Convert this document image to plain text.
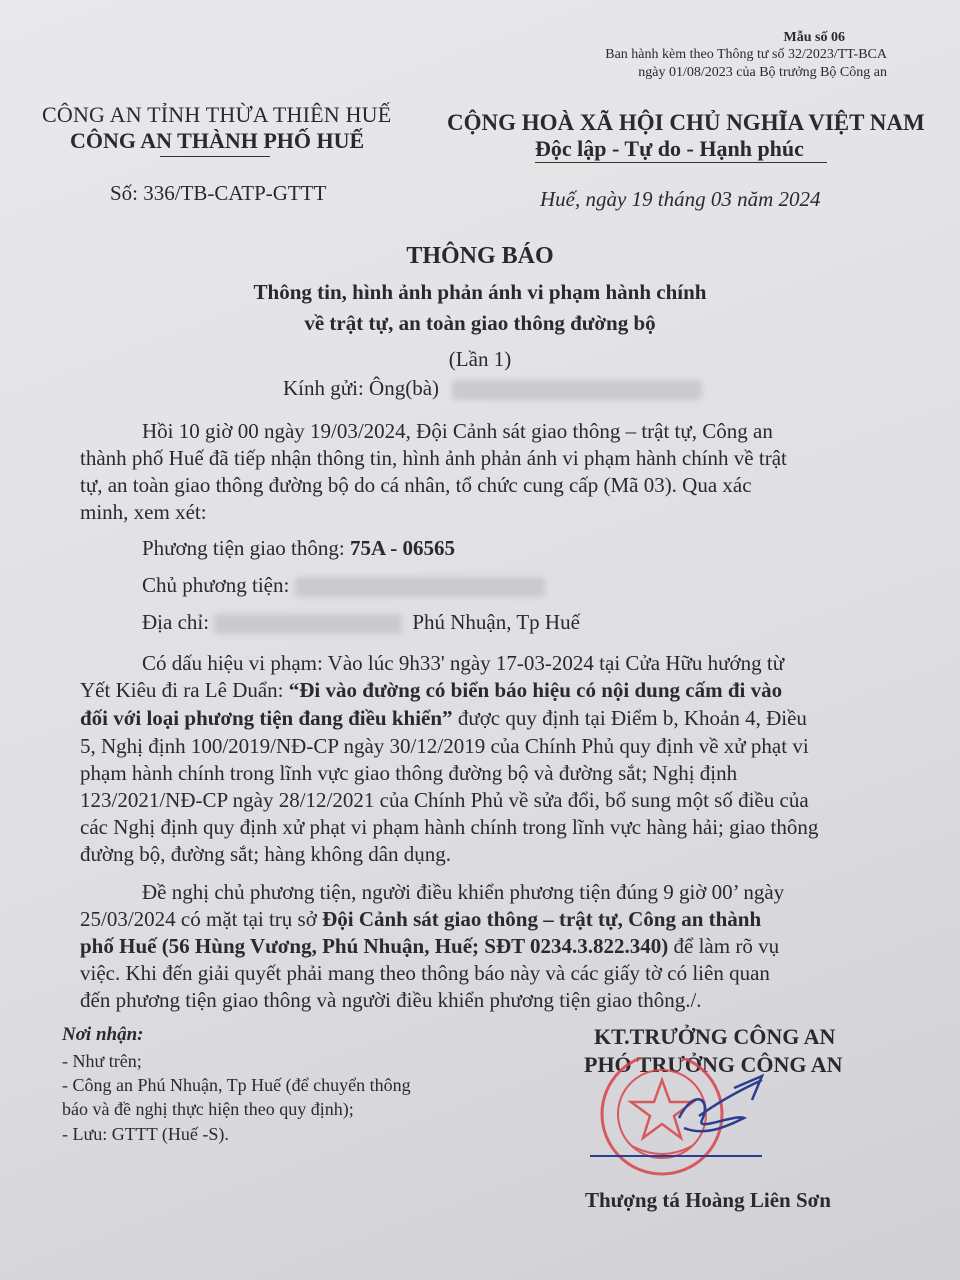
Mẫu số 06
Ban hành kèm theo Thông tư số 32/2023/TT-BCA
ngày 01/08/2023 của Bộ trưởng Bộ Công an
CÔNG AN TỈNH THỪA THIÊN HUẾ
CÔNG AN THÀNH PHỐ HUẾ
CỘNG HOÀ XÃ HỘI CHỦ NGHĨA VIỆT NAM
Độc lập - Tự do - Hạnh phúc
Số: 336/TB-CATP-GTTT	Huế, ngày 19 tháng 03 năm 2024
THÔNG BÁO
Thông tin, hình ảnh phản ánh vi phạm hành chính
về trật tự, an toàn giao thông đường bộ
(Lần 1)
Kính gửi: Ông(bà)
Hồi 10 giờ 00 ngày 19/03/2024, Đội Cảnh sát giao thông – trật tự, Công an
thành phố Huế đã tiếp nhận thông tin, hình ảnh phản ánh vi phạm hành chính về trật
tự, an toàn giao thông đường bộ do cá nhân, tổ chức cung cấp (Mã 03). Qua xác
minh, xem xét:
Phương tiện giao thông: 75A - 06565
Chủ phương tiện:
Địa chỉ:	Phú Nhuận, Tp Huế
Có dấu hiệu vi phạm: Vào lúc 9h33' ngày 17-03-2024 tại Cửa Hữu hướng từ
Yết Kiêu đi ra Lê Duẩn: “Đi vào đường có biển báo hiệu có nội dung cấm đi vào
đối với loại phương tiện đang điều khiển” được quy định tại Điểm b, Khoản 4, Điều
5, Nghị định 100/2019/NĐ-CP ngày 30/12/2019 của Chính Phủ quy định về xử phạt vi
phạm hành chính trong lĩnh vực giao thông đường bộ và đường sắt; Nghị định
123/2021/NĐ-CP ngày 28/12/2021 của Chính Phủ về sửa đổi, bổ sung một số điều của
các Nghị định quy định xử phạt vi phạm hành chính trong lĩnh vực hàng hải; giao thông
đường bộ, đường sắt; hàng không dân dụng.
Đề nghị chủ phương tiện, người điều khiển phương tiện đúng 9 giờ 00’ ngày
25/03/2024 có mặt tại trụ sở Đội Cảnh sát giao thông – trật tự, Công an thành
phố Huế (56 Hùng Vương, Phú Nhuận, Huế; SĐT 0234.3.822.340) để làm rõ vụ
việc. Khi đến giải quyết phải mang theo thông báo này và các giấy tờ có liên quan
đến phương tiện giao thông và người điều khiển phương tiện giao thông./.
Nơi nhận:
- Như trên;
- Công an Phú Nhuận, Tp Huế (để chuyển thông
báo và đề nghị thực hiện theo quy định);
- Lưu: GTTT (Huế -S).
KT.TRƯỞNG CÔNG AN
PHÓ TRƯỞNG CÔNG AN
Thượng tá Hoàng Liên Sơn
